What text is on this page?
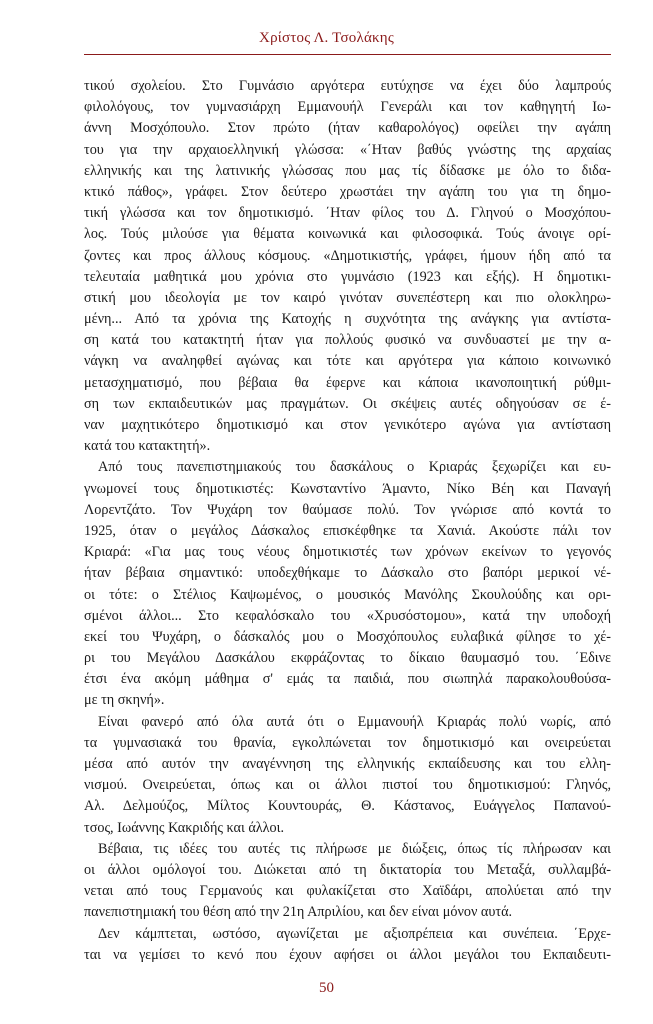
Χρίστος Λ. Τσολάκης
τικού σχολείου. Στο Γυμνάσιο αργότερα ευτύχησε να έχει δύο λαμπρούς
φιλολόγους, τον γυμνασιάρχη Εμμανουήλ Γενεράλι και τον καθηγητή Ιω-
άννη Μοσχόπουλο. Στον πρώτο (ήταν καθαρολόγος) οφείλει την αγάπη
του για την αρχαιοελληνική γλώσσα: «΄Ηταν βαθύς γνώστης της αρχαίας
ελληνικής και της λατινικής γλώσσας που μας τίς δίδασκε με όλο το διδα-
κτικό πάθος», γράφει. Στον δεύτερο χρωστάει την αγάπη του για τη δημο-
τική γλώσσα και τον δημοτικισμό. ΄Ηταν φίλος του Δ. Γληνού ο Μοσχόπου-
λος. Τούς μιλούσε για θέματα κοινωνικά και φιλοσοφικά. Τούς άνοιγε ορί-
ζοντες και προς άλλους κόσμους. «Δημοτικιστής, γράφει, ήμουν ήδη από τα
τελευταία μαθητικά μου χρόνια στο γυμνάσιο (1923 και εξής). Η δημοτικι-
στική μου ιδεολογία με τον καιρό γινόταν συνεπέστερη και πιο ολοκληρω-
μένη... Από τα χρόνια της Κατοχής η συχνότητα της ανάγκης για αντίστα-
ση κατά του κατακτητή ήταν για πολλούς φυσικό να συνδυαστεί με την α-
νάγκη να αναληφθεί αγώνας και τότε και αργότερα για κάποιο κοινωνικό
μετασχηματισμό, που βέβαια θα έφερνε και κάποια ικανοποιητική ρύθμι-
ση των εκπαιδευτικών μας πραγμάτων. Οι σκέψεις αυτές οδηγούσαν σε έ-
ναν μαχητικότερο δημοτικισμό και στον γενικότερο αγώνα για αντίσταση
κατά του κατακτητή».
Από τους πανεπιστημιακούς του δασκάλους ο Κριαράς ξεχωρίζει και ευ-
γνωμονεί τους δημοτικιστές: Κωνσταντίνο Άμαντο, Νίκο Βέη και Παναγή
Λορεντζάτο. Τον Ψυχάρη τον θαύμασε πολύ. Τον γνώρισε από κοντά το
1925, όταν ο μεγάλος Δάσκαλος επισκέφθηκε τα Χανιά. Ακούστε πάλι τον
Κριαρά: «Για μας τους νέους δημοτικιστές των χρόνων εκείνων το γεγονός
ήταν βέβαια σημαντικό: υποδεχθήκαμε το Δάσκαλο στο βαπόρι μερικοί νέ-
οι τότε: ο Στέλιος Καψωμένος, ο μουσικός Μανόλης Σκουλούδης και ορι-
σμένοι άλλοι... Στο κεφαλόσκαλο του «Χρυσόστομου», κατά την υποδοχή
εκεί του Ψυχάρη, ο δάσκαλός μου ο Μοσχόπουλος ευλαβικά φίλησε το χέ-
ρι του Μεγάλου Δασκάλου εκφράζοντας το δίκαιο θαυμασμό του. ΄Εδινε
έτσι ένα ακόμη μάθημα σ' εμάς τα παιδιά, που σιωπηλά παρακολουθούσα-
με τη σκηνή».
Είναι φανερό από όλα αυτά ότι ο Εμμανουήλ Κριαράς πολύ νωρίς, από
τα γυμνασιακά του θρανία, εγκολπώνεται τον δημοτικισμό και ονειρεύεται
μέσα από αυτόν την αναγέννηση της ελληνικής εκπαίδευσης και του ελλη-
νισμού. Ονειρεύεται, όπως και οι άλλοι πιστοί του δημοτικισμού: Γληνός,
Αλ. Δελμούζος, Μίλτος Κουντουράς, Θ. Κάστανος, Ευάγγελος Παπανού-
τσος, Ιωάννης Κακριδής και άλλοι.
Βέβαια, τις ιδέες του αυτές τις πλήρωσε με διώξεις, όπως τίς πλήρωσαν και
οι άλλοι ομόλογοί του. Διώκεται από τη δικτατορία του Μεταξά, συλλαμβά-
νεται από τους Γερμανούς και φυλακίζεται στο Χαϊδάρι, απολύεται από την
πανεπιστημιακή του θέση από την 21η Απριλίου, και δεν είναι μόνον αυτά.
Δεν κάμπτεται, ωστόσο, αγωνίζεται με αξιοπρέπεια και συνέπεια. ΄Ερχε-
ται να γεμίσει το κενό που έχουν αφήσει οι άλλοι μεγάλοι του Εκπαιδευτι-
50
